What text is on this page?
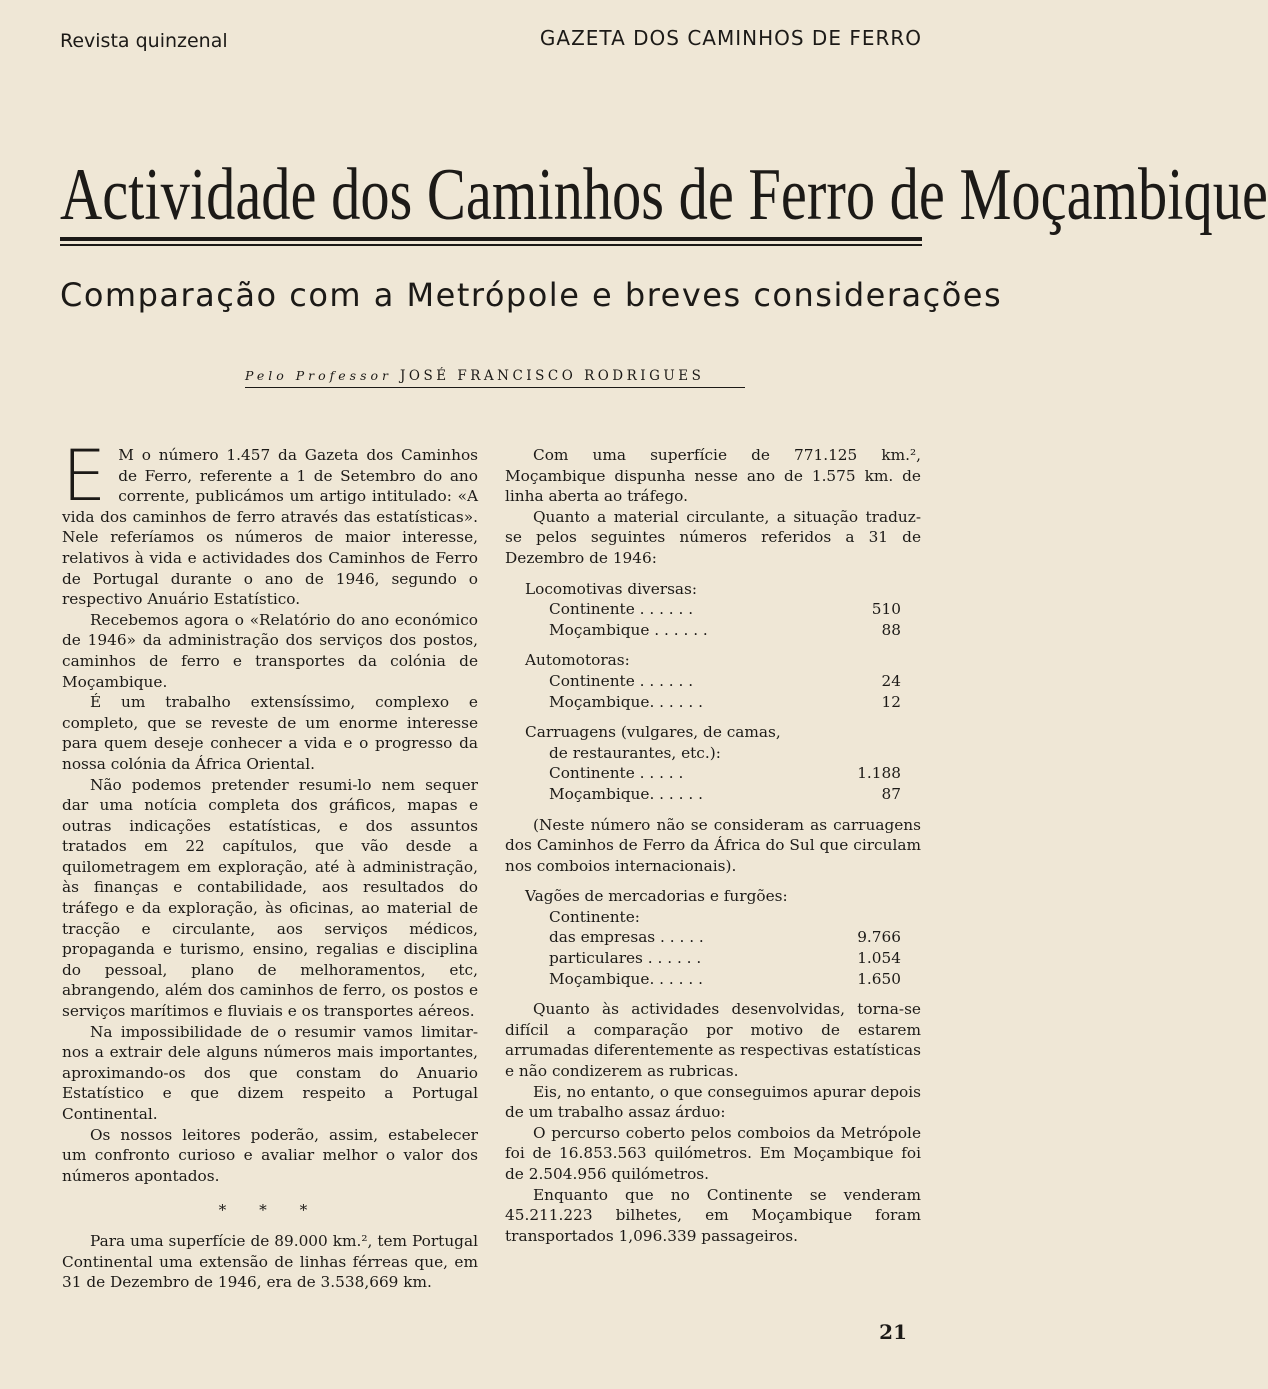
Revista quinzenal	GAZETA DOS CAMINHOS DE FERRO
Actividade dos Caminhos de Ferro de Moçambique
Comparação com a Metrópole e breves considerações
Pelo Professor JOSÉ FRANCISCO RODRIGUES

E M o número 1.457 da Gazeta dos Caminhos de Ferro, referente a 1 de Setembro do ano corrente, publicámos um artigo intitulado: «A vida dos caminhos de ferro através das estatísticas». Nele referíamos os números de maior interesse, relativos à vida e actividades dos Caminhos de Ferro de Portugal durante o ano de 1946, segundo o respectivo Anuário Estatístico.

Recebemos agora o «Relatório do ano económico de 1946» da administração dos serviços dos postos, caminhos de ferro e transportes da colónia de Moçambique.

É um trabalho extensíssimo, complexo e completo, que se reveste de um enorme interesse para quem deseje conhecer a vida e o progresso da nossa colónia da África Oriental.

Não podemos pretender resumi-lo nem sequer dar uma notícia completa dos gráficos, mapas e outras indicações estatísticas, e dos assuntos tratados em 22 capítulos, que vão desde a quilometragem em exploração, até à administração, às finanças e contabilidade, aos resultados do tráfego e da exploração, às oficinas, ao material de tracção e circulante, aos serviços médicos, propaganda e turismo, ensino, regalias e disciplina do pessoal, plano de melhoramentos, etc, abrangendo, além dos caminhos de ferro, os postos e serviços marítimos e fluviais e os transportes aéreos.

Na impossibilidade de o resumir vamos limitar-nos a extrair dele alguns números mais importantes, aproximando-os dos que constam do Anuario Estatístico e que dizem respeito a Portugal Continental.

Os nossos leitores poderão, assim, estabelecer um confronto curioso e avaliar melhor o valor dos números apontados.

* * *

Para uma superfície de 89.000 km.², tem Portugal Continental uma extensão de linhas férreas que, em 31 de Dezembro de 1946, era de 3.538,669 km.

Com uma superfície de 771.125 km.², Moçambique dispunha nesse ano de 1.575 km. de linha aberta ao tráfego.

Quanto a material circulante, a situação traduz-se pelos seguintes números referidos a 31 de Dezembro de 1946:

Locomotivas diversas:
Continente . . . . . .	510
Moçambique . . . . . .	88
Automotoras:
Continente . . . . . .	24
Moçambique. . . . . .	12
Carruagens (vulgares, de camas,
de restaurantes, etc.):
Continente . . . . .	1.188
Moçambique. . . . . .	87

(Neste número não se consideram as carruagens dos Caminhos de Ferro da África do Sul que circulam nos comboios internacionais).

Vagões de mercadorias e furgões:
Continente:
das empresas . . . . .	9.766
particulares . . . . . .	1.054
Moçambique. . . . . .	1.650

Quanto às actividades desenvolvidas, torna-se difícil a comparação por motivo de estarem arrumadas diferentemente as respectivas estatísticas e não condizerem as rubricas.

Eis, no entanto, o que conseguimos apurar depois de um trabalho assaz árduo:

O percurso coberto pelos comboios da Metrópole foi de 16.853.563 quilómetros. Em Moçambique foi de 2.504.956 quilómetros.

Enquanto que no Continente se venderam 45.211.223 bilhetes, em Moçambique foram transportados 1,096.339 passageiros.

21
